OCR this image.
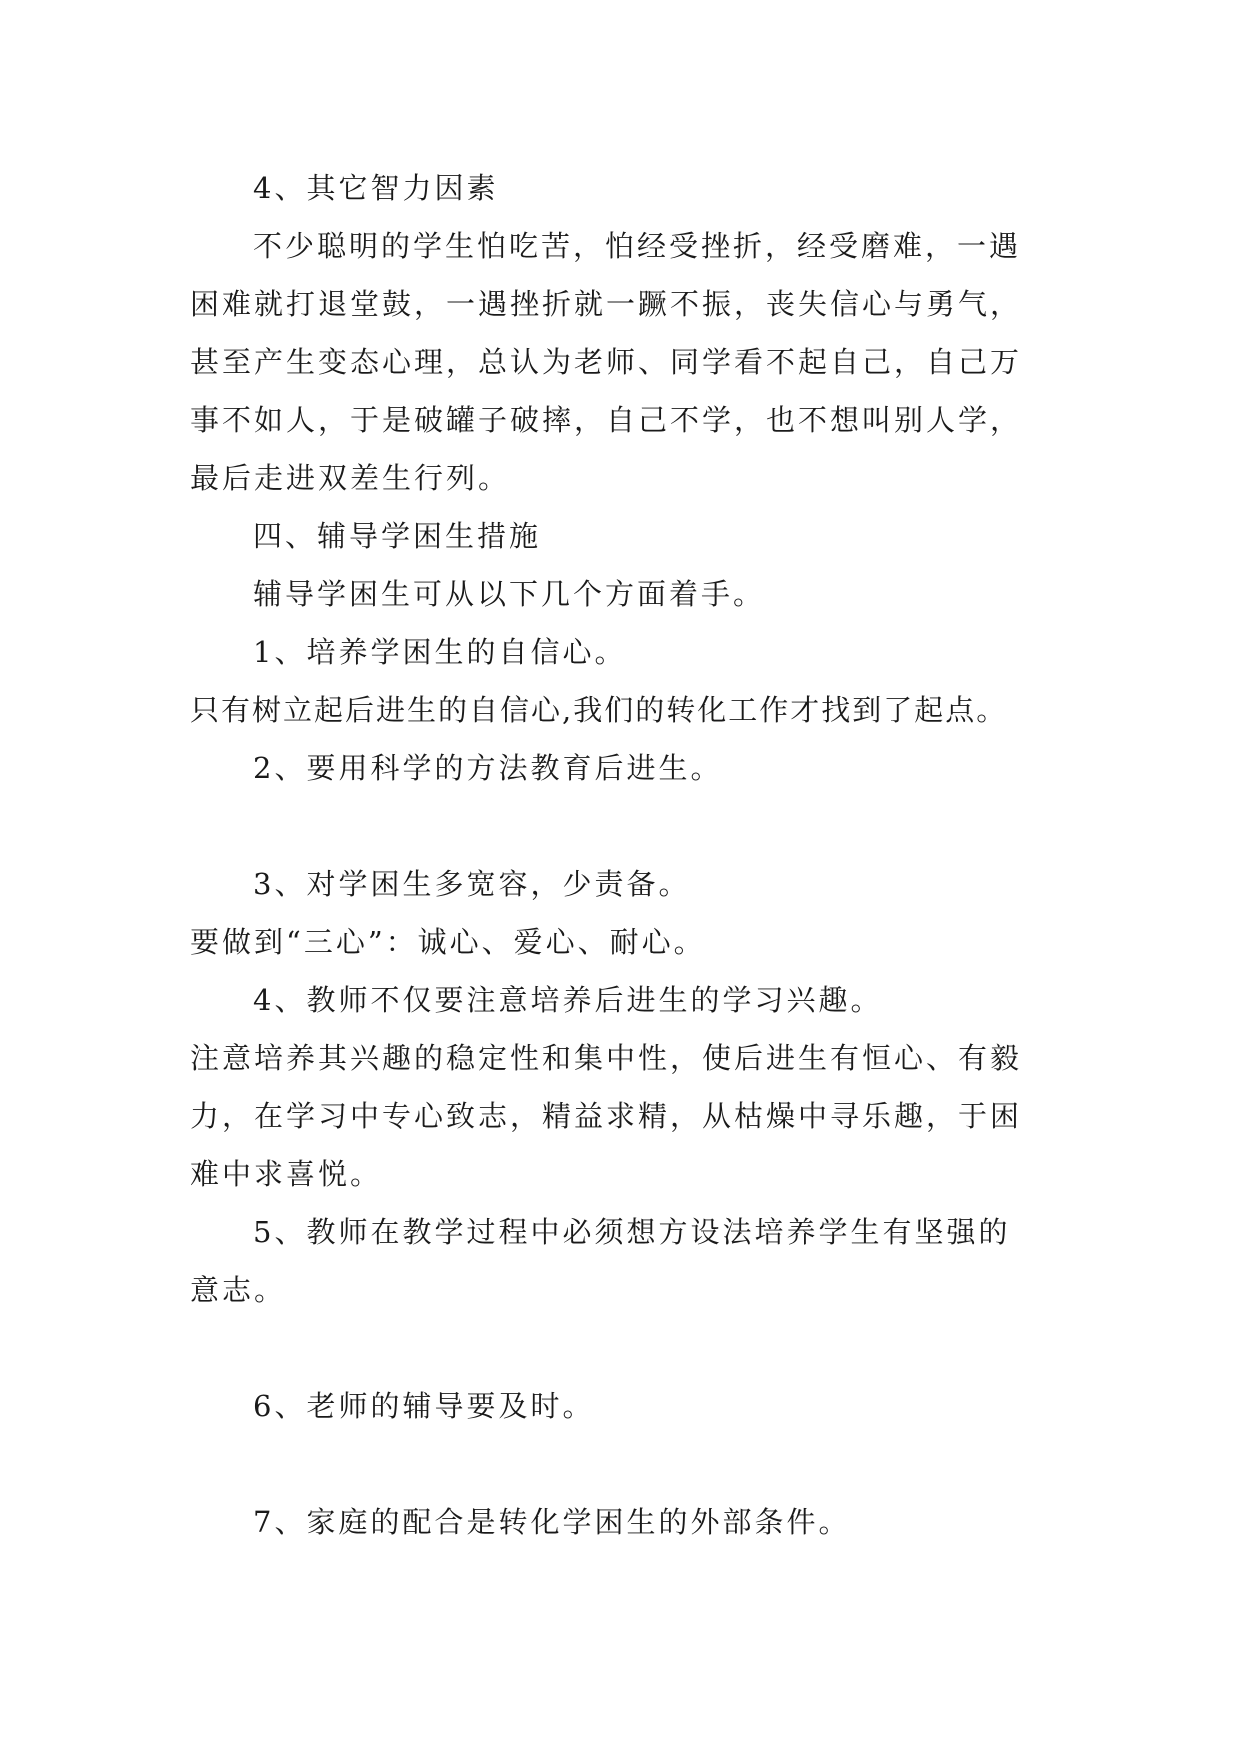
4、其它智力因素
不少聪明的学生怕吃苦，怕经受挫折，经受磨难，一遇
困难就打退堂鼓，一遇挫折就一蹶不振，丧失信心与勇气，
甚至产生变态心理，总认为老师、同学看不起自己，自己万
事不如人，于是破罐子破摔，自己不学，也不想叫别人学，
最后走进双差生行列。
四、辅导学困生措施
辅导学困生可从以下几个方面着手。
1、培养学困生的自信心。
只有树立起后进生的自信心,我们的转化工作才找到了起点。
2、要用科学的方法教育后进生。
3、对学困生多宽容，少责备。
要做到“三心”：诚心、爱心、耐心。
4、教师不仅要注意培养后进生的学习兴趣。
注意培养其兴趣的稳定性和集中性，使后进生有恒心、有毅
力，在学习中专心致志，精益求精，从枯燥中寻乐趣，于困
难中求喜悦。
5、教师在教学过程中必须想方设法培养学生有坚强的
意志。
6、老师的辅导要及时。
7、家庭的配合是转化学困生的外部条件。
